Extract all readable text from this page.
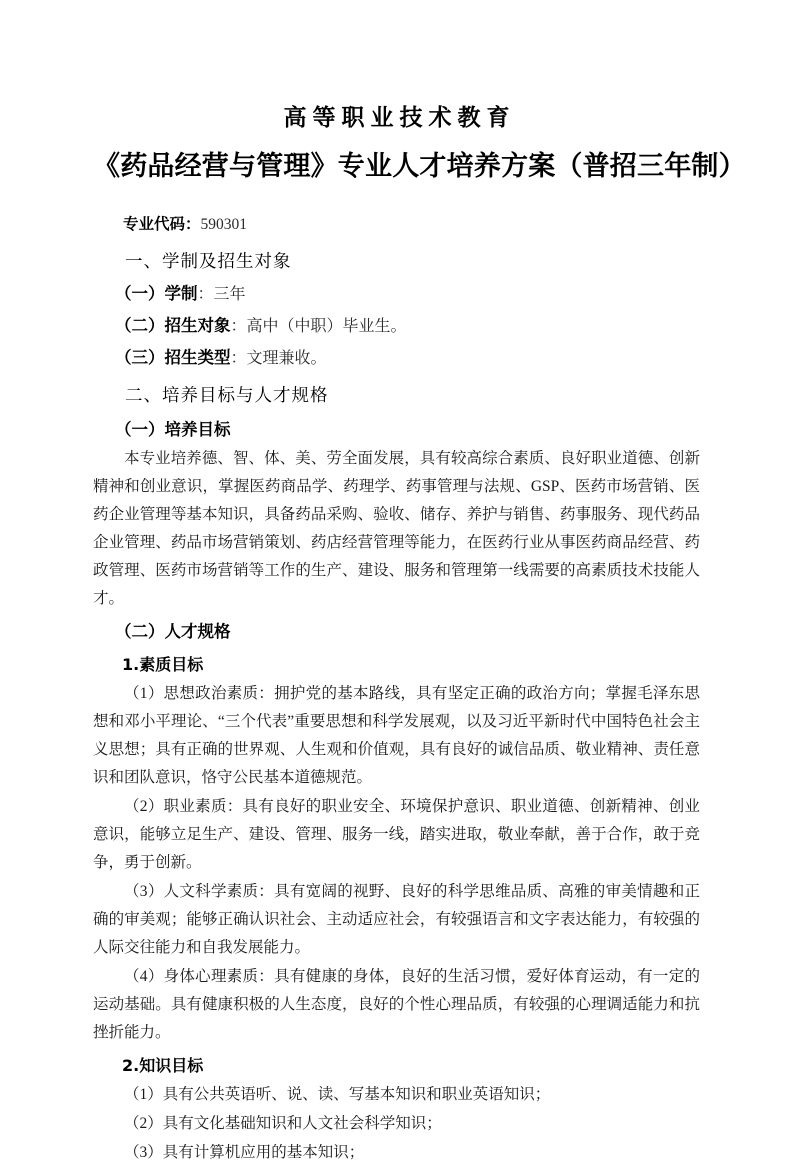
高等职业技术教育
《药品经营与管理》专业人才培养方案（普招三年制）

专业代码：590301

一、学制及招生对象

（一）学制：三年

（二）招生对象：高中（中职）毕业生。

（三）招生类型：文理兼收。

二、培养目标与人才规格
（一）培养目标

本专业培养德、智、体、美、劳全面发展，具有较高综合素质、良好职业道德、创新精神和创业意识，掌握医药商品学、药理学、药事管理与法规、GSP、医药市场营销、医药企业管理等基本知识，具备药品采购、验收、储存、养护与销售、药事服务、现代药品企业管理、药品市场营销策划、药店经营管理等能力，在医药行业从事医药商品经营、药政管理、医药市场营销等工作的生产、建设、服务和管理第一线需要的高素质技术技能人才。

（二）人才规格
1.素质目标

（1）思想政治素质：拥护党的基本路线，具有坚定正确的政治方向；掌握毛泽东思想和邓小平理论、“三个代表”重要思想和科学发展观，以及习近平新时代中国特色社会主义思想；具有正确的世界观、人生观和价值观，具有良好的诚信品质、敬业精神、责任意识和团队意识，恪守公民基本道德规范。

（2）职业素质：具有良好的职业安全、环境保护意识、职业道德、创新精神、创业意识，能够立足生产、建设、管理、服务一线，踏实进取，敬业奉献，善于合作，敢于竞争，勇于创新。

（3）人文科学素质：具有宽阔的视野、良好的科学思维品质、高雅的审美情趣和正确的审美观；能够正确认识社会、主动适应社会，有较强语言和文字表达能力，有较强的人际交往能力和自我发展能力。

（4）身体心理素质：具有健康的身体，良好的生活习惯，爱好体育运动，有一定的运动基础。具有健康积极的人生态度，良好的个性心理品质，有较强的心理调适能力和抗挫折能力。

2.知识目标

（1）具有公共英语听、说、读、写基本知识和职业英语知识；

（2）具有文化基础知识和人文社会科学知识；

（3）具有计算机应用的基本知识；
